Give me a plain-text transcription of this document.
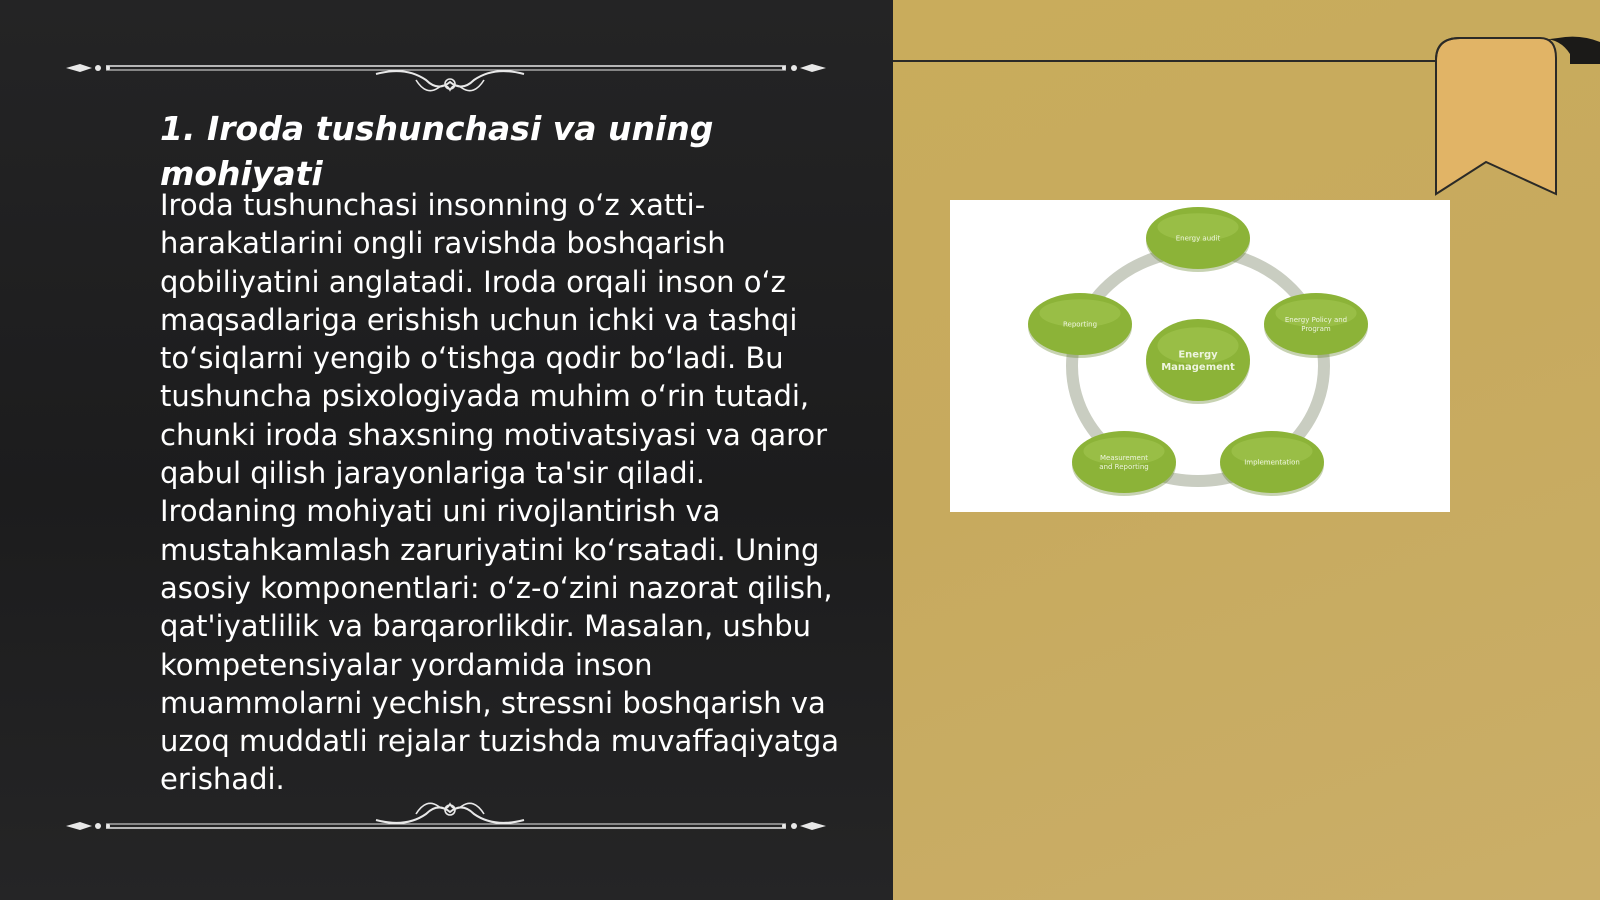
1. Iroda tushunchasi va uning mohiyati

Iroda tushunchasi insonning o‘z xatti-harakatlarini ongli ravishda boshqarish qobiliyatini anglatadi. Iroda orqali inson o‘z maqsadlariga erishish uchun ichki va tashqi to‘siqlarni yengib o‘tishga qodir bo‘ladi. Bu tushuncha psixologiyada muhim o‘rin tutadi, chunki iroda shaxsning motivatsiyasi va qaror qabul qilish jarayonlariga ta'sir qiladi. Irodaning mohiyati uni rivojlantirish va mustahkamlash zaruriyatini ko‘rsatadi. Uning asosiy komponentlari: o‘z-o‘zini nazorat qilish, qat'iyatlilik va barqarorlikdir. Masalan, ushbu kompetensiyalar yordamida inson muammolarni yechish, stressni boshqarish va uzoq muddatli rejalar tuzishda muvaffaqiyatga erishadi.

Energy audit
Energy Policy and
Program
Implementation
Measurement
and Reporting
Reporting
Energy
Management
